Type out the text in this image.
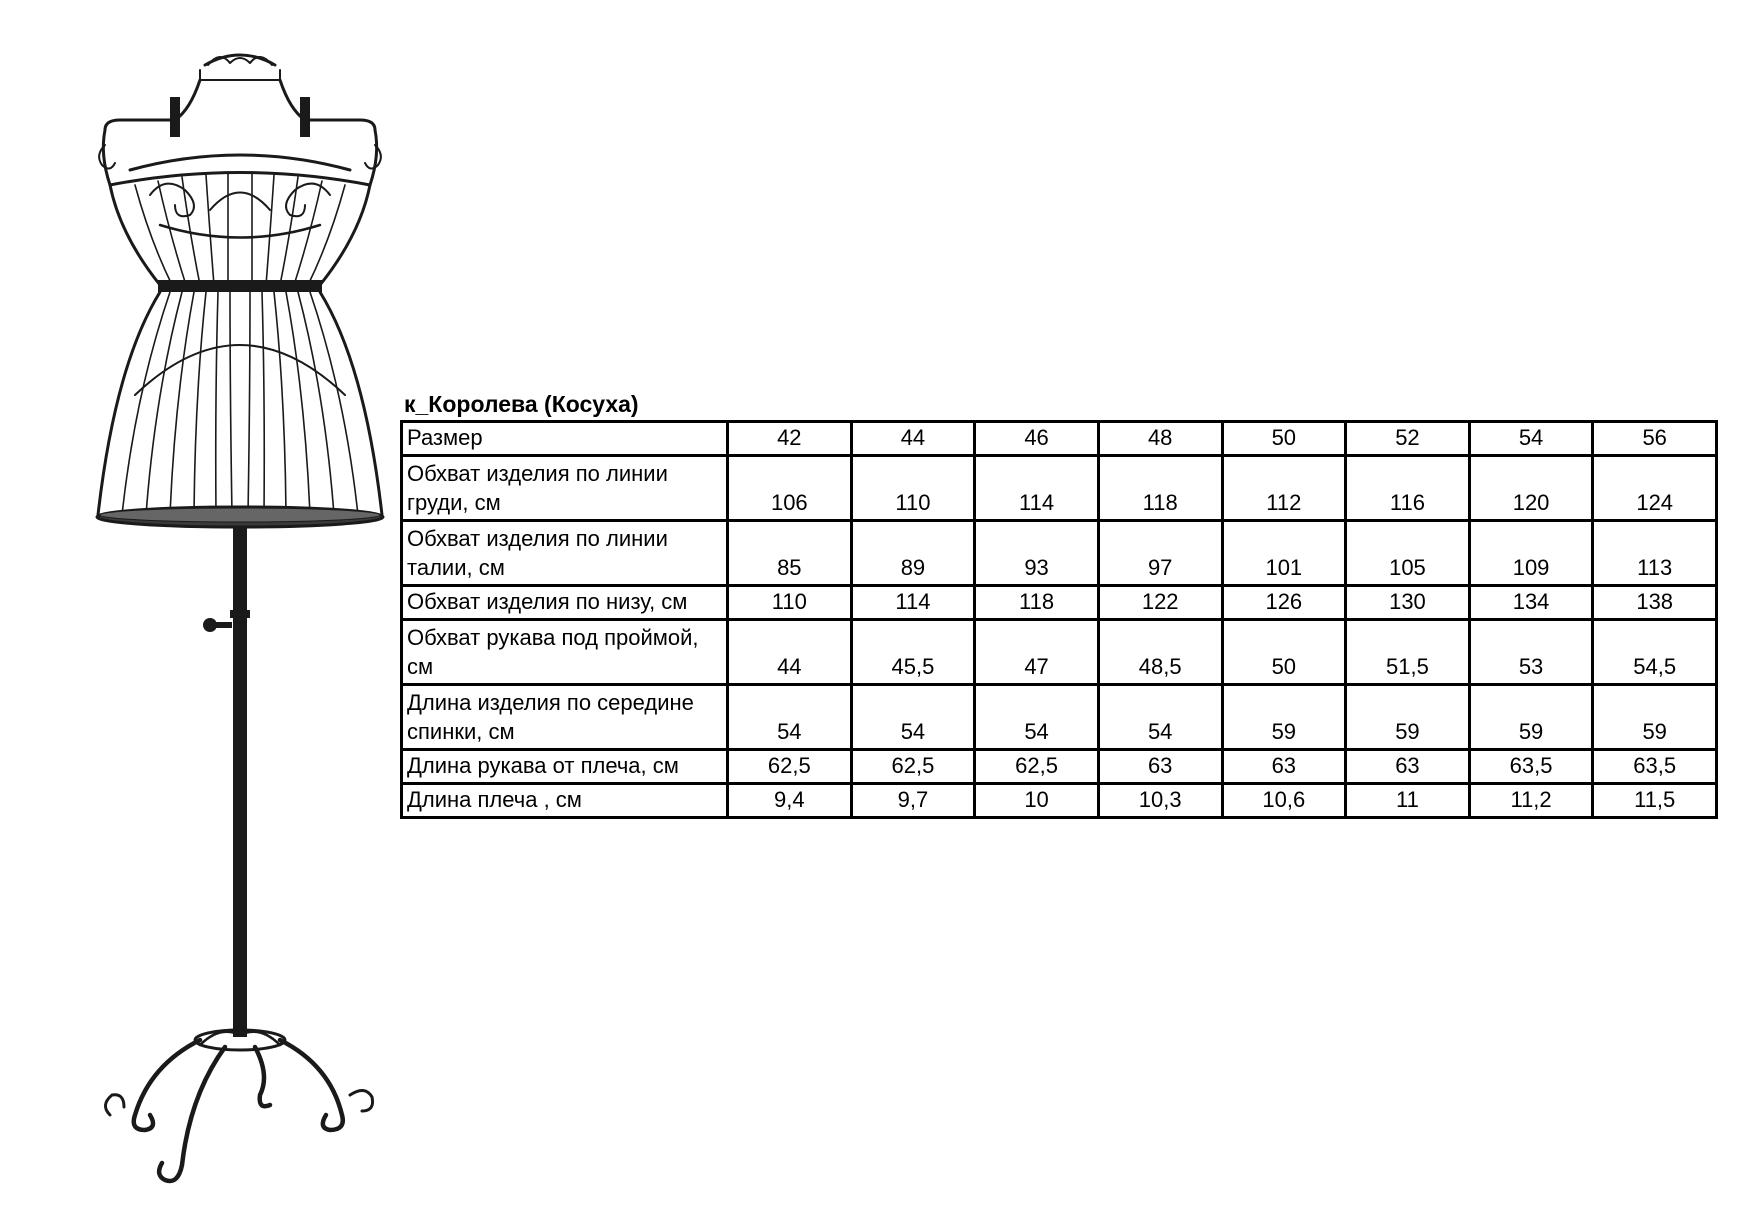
к_Королева (Косуха)
Размер	42	44	46	48	50	52	54	56
Обхват изделия по линии груди, см	106	110	114	118	112	116	120	124
Обхват изделия по линии талии, см	85	89	93	97	101	105	109	113
Обхват изделия по низу, см	110	114	118	122	126	130	134	138
Обхват рукава под проймой, см	44	45,5	47	48,5	50	51,5	53	54,5
Длина изделия по середине спинки, см	54	54	54	54	59	59	59	59
Длина рукава от плеча, см	62,5	62,5	62,5	63	63	63	63,5	63,5
Длина плеча , см	9,4	9,7	10	10,3	10,6	11	11,2	11,5
